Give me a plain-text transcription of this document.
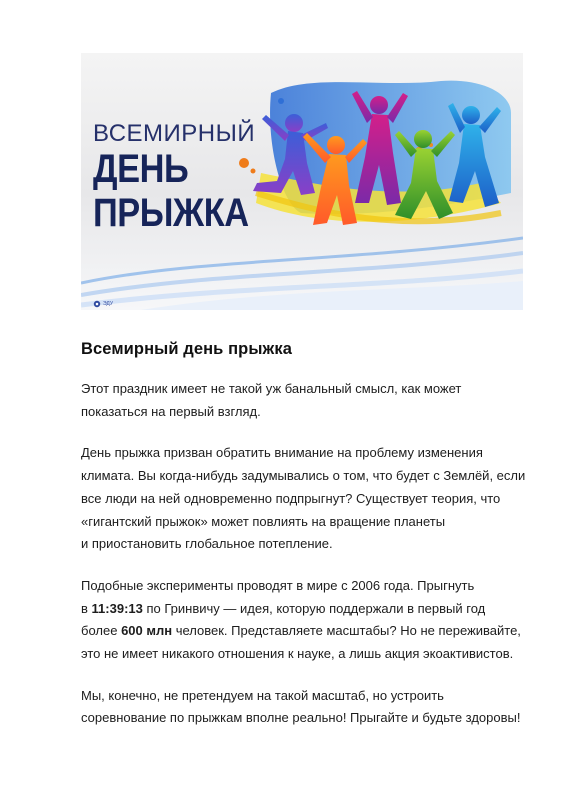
ВСЕМИРНЫЙ
ДЕНЬ
ПРЫЖКА
ЭДУ
Всемирный день прыжка

Этот праздник имеет не такой уж банальный смысл, как может
показаться на первый взгляд.

День прыжка призван обратить внимание на проблему изменения
климата. Вы когда-нибудь задумывались о том, что будет с Землёй, если
все люди на ней одновременно подпрыгнут? Существует теория, что
«гигантский прыжок» может повлиять на вращение планеты
и приостановить глобальное потепление.

Подобные эксперименты проводят в мире с 2006 года. Прыгнуть
в 11:39:13 по Гринвичу — идея, которую поддержали в первый год
более 600 млн человек. Представляете масштабы? Но не переживайте,
это не имеет никакого отношения к науке, а лишь акция экоактивистов.

Мы, конечно, не претендуем на такой масштаб, но устроить
соревнование по прыжкам вполне реально! Прыгайте и будьте здоровы!
